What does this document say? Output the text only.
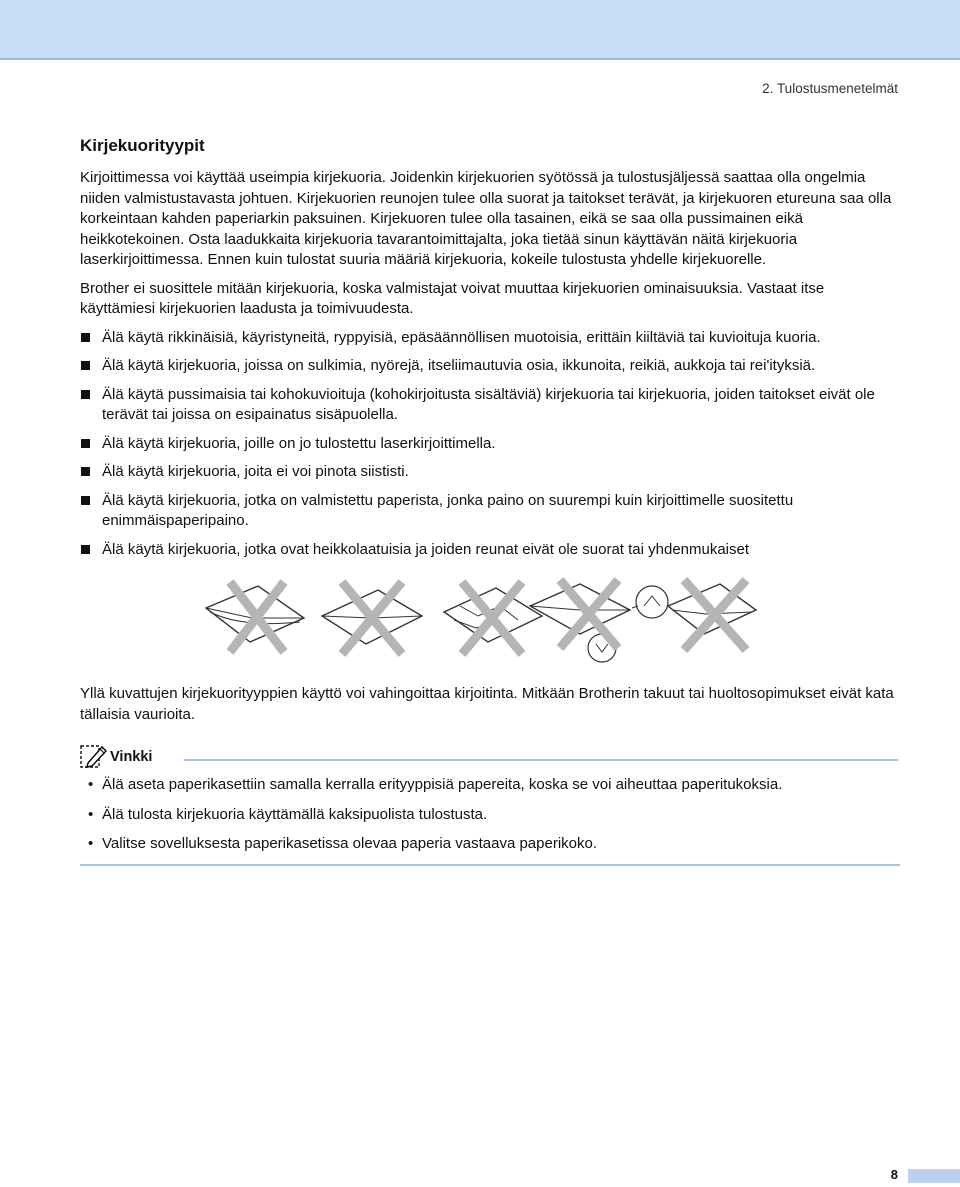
2. Tulostusmenetelmät
Kirjekuorityypit

Kirjoittimessa voi käyttää useimpia kirjekuoria. Joidenkin kirjekuorien syötössä ja tulostusjäljessä saattaa olla ongelmia niiden valmistustavasta johtuen. Kirjekuorien reunojen tulee olla suorat ja taitokset terävät, ja kirjekuoren etureuna saa olla korkeintaan kahden paperiarkin paksuinen. Kirjekuoren tulee olla tasainen, eikä se saa olla pussimainen eikä heikkotekoinen. Osta laadukkaita kirjekuoria tavarantoimittajalta, joka tietää sinun käyttävän näitä kirjekuoria laserkirjoittimessa. Ennen kuin tulostat suuria määriä kirjekuoria, kokeile tulostusta yhdelle kirjekuorelle.

Brother ei suosittele mitään kirjekuoria, koska valmistajat voivat muuttaa kirjekuorien ominaisuuksia. Vastaat itse käyttämiesi kirjekuorien laadusta ja toimivuudesta.

Älä käytä rikkinäisiä, käyristyneitä, ryppyisiä, epäsäännöllisen muotoisia, erittäin kiiltäviä tai kuvioituja kuoria.
Älä käytä kirjekuoria, joissa on sulkimia, nyörejä, itseliimautuvia osia, ikkunoita, reikiä, aukkoja tai rei'ityksiä.
Älä käytä pussimaisia tai kohokuvioituja (kohokirjoitusta sisältäviä) kirjekuoria tai kirjekuoria, joiden taitokset eivät ole terävät tai joissa on esipainatus sisäpuolella.
Älä käytä kirjekuoria, joille on jo tulostettu laserkirjoittimella.
Älä käytä kirjekuoria, joita ei voi pinota siististi.
Älä käytä kirjekuoria, jotka on valmistettu paperista, jonka paino on suurempi kuin kirjoittimelle suositettu enimmäispaperipaino.
Älä käytä kirjekuoria, jotka ovat heikkolaatuisia ja joiden reunat eivät ole suorat tai yhdenmukaiset

Yllä kuvattujen kirjekuorityyppien käyttö voi vahingoittaa kirjoitinta. Mitkään Brotherin takuut tai huoltosopimukset eivät kata tällaisia vaurioita.

Vinkki
• Älä aseta paperikasettiin samalla kerralla erityyppisiä papereita, koska se voi aiheuttaa paperitukoksia.
• Älä tulosta kirjekuoria käyttämällä kaksipuolista tulostusta.
• Valitse sovelluksesta paperikasetissa olevaa paperia vastaava paperikoko.
8
